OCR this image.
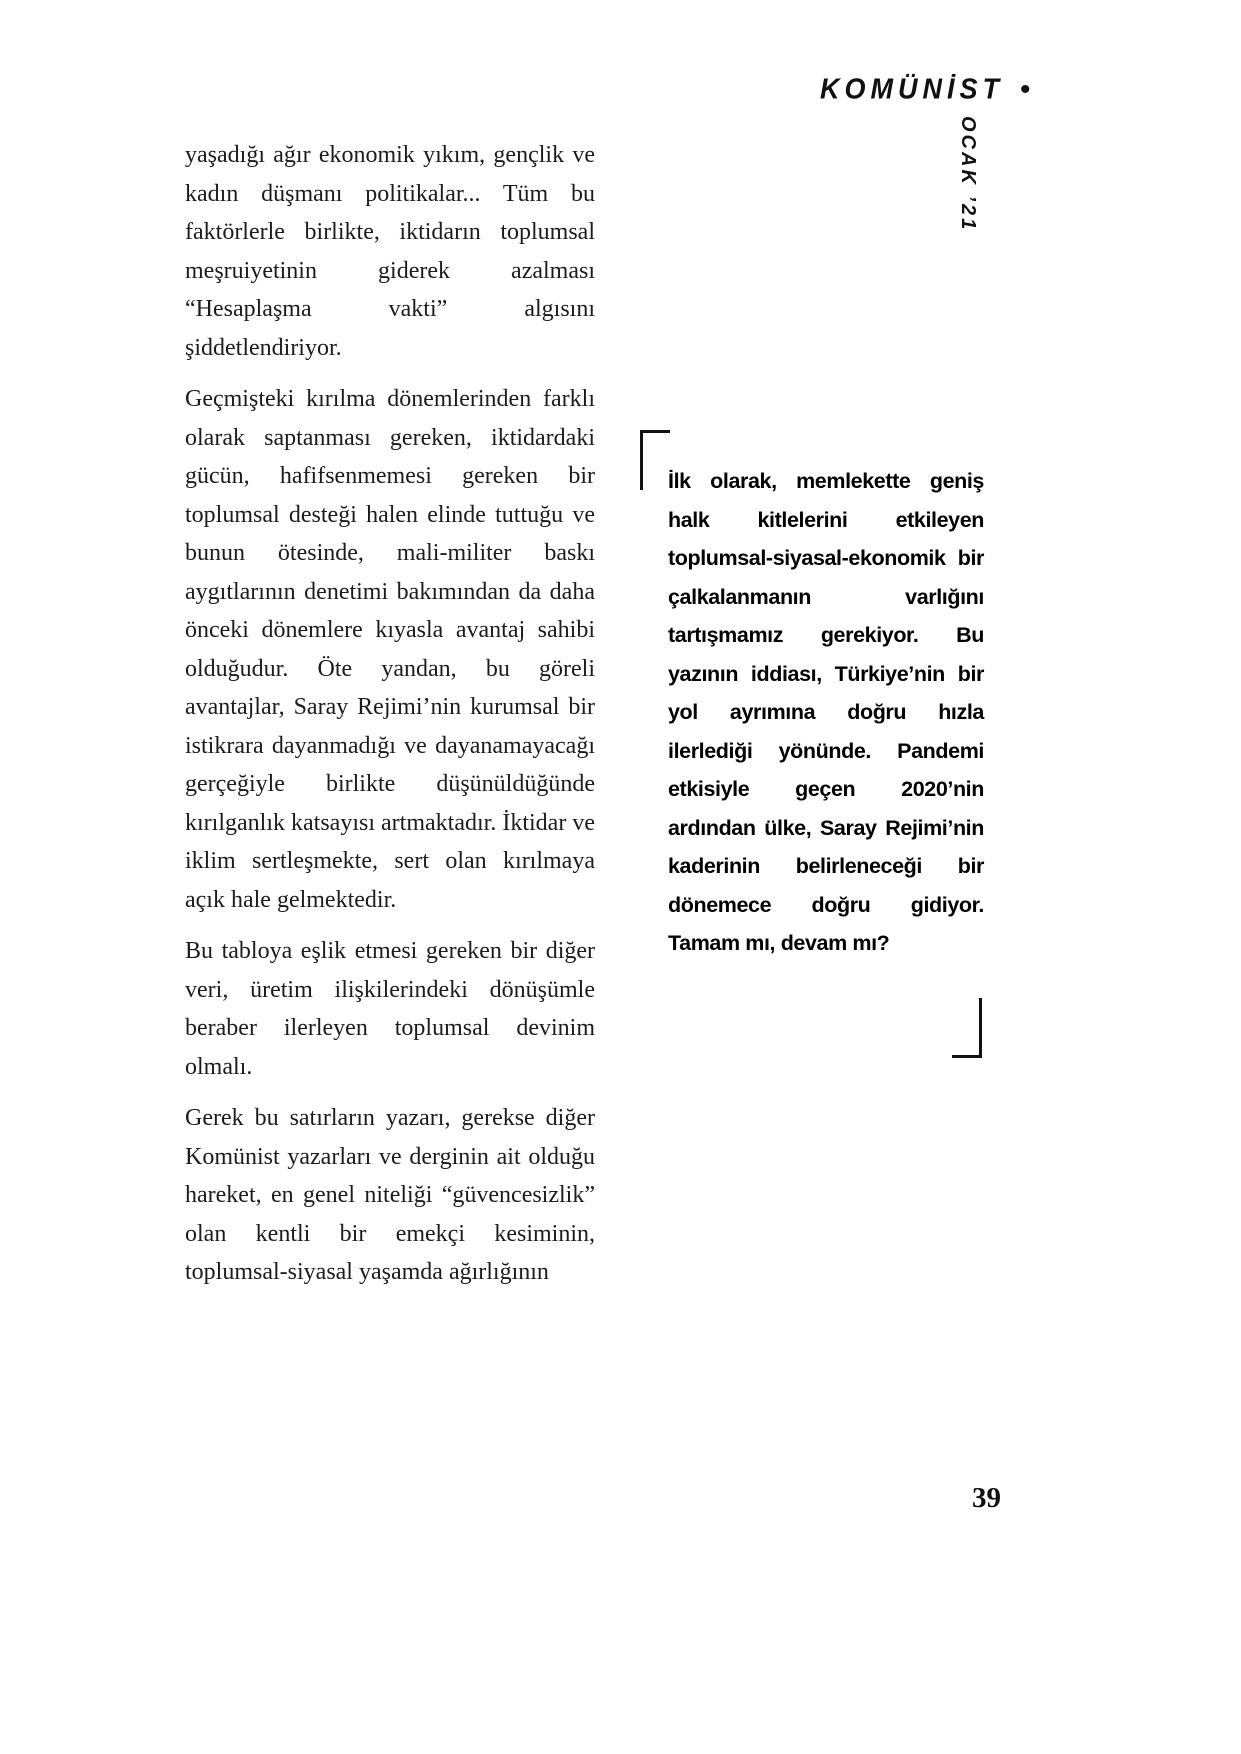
KOMÜNİST •
OCAK ’21
yaşadığı ağır ekonomik yıkım, gençlik ve kadın düşmanı politikalar... Tüm bu faktörlerle birlikte, iktidarın toplumsal meşruiyetinin giderek azalması “Hesaplaşma vakti” algısını şiddetlendiriyor.
Geçmişteki kırılma dönemlerinden farklı olarak saptanması gereken, iktidardaki gücün, hafifsenmemesi gereken bir toplumsal desteği halen elinde tuttuğu ve bunun ötesinde, mali-militer baskı aygıtlarının denetimi bakımından da daha önceki dönemlere kıyasla avantaj sahibi olduğudur. Öte yandan, bu göreli avantajlar, Saray Rejimi’nin kurumsal bir istikrara dayanmadığı ve dayanamayacağı gerçeğiyle birlikte düşünüldüğünde kırılganlık katsayısı artmaktadır. İktidar ve iklim sertleşmekte, sert olan kırılmaya açık hale gelmektedir.
Bu tabloya eşlik etmesi gereken bir diğer veri, üretim ilişkilerindeki dönüşümle beraber ilerleyen toplumsal devinim olmalı.
Gerek bu satırların yazarı, gerekse diğer Komünist yazarları ve derginin ait olduğu hareket, en genel niteliği “güvencesizlik” olan kentli bir emekçi kesiminin, toplumsal-siyasal yaşamda ağırlığının
İlk olarak, memlekette geniş halk kitlelerini etkileyen toplumsal-siyasal-ekonomik bir çalkalanmanın varlığını tartışmamız gerekiyor. Bu yazının iddiası, Türkiye’nin bir yol ayrımına doğru hızla ilerlediği yönünde. Pandemi etkisiyle geçen 2020’nin ardından ülke, Saray Rejimi’nin kaderinin belirleneceği bir dönemece doğru gidiyor. Tamam mı, devam mı?
39
